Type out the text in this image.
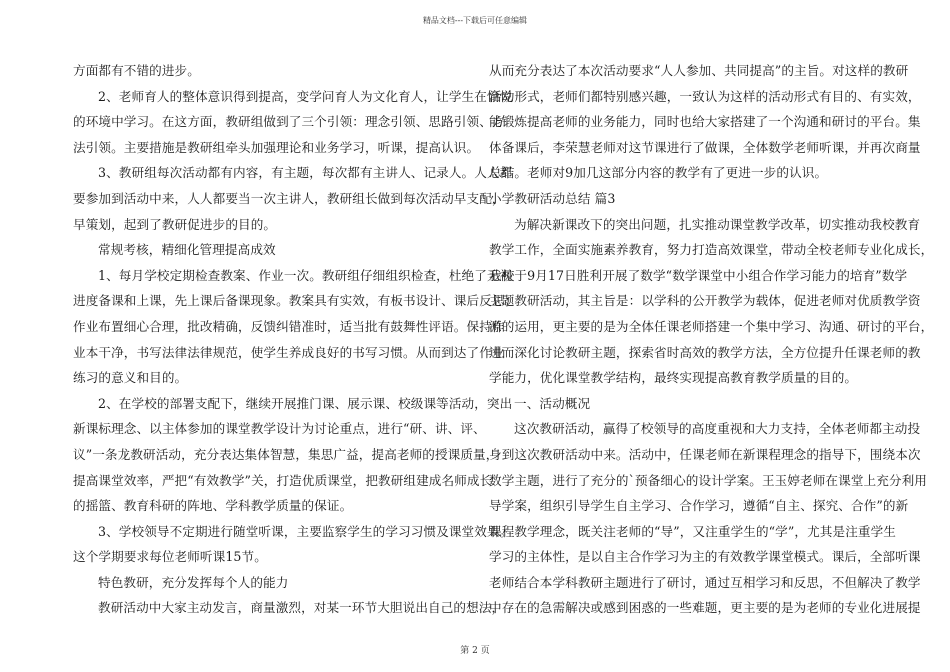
精品文档---下载后可任意编辑
方面都有不错的进步。
2、老师育人的整体意识得到提高，变学问育人为文化育人，让学生在愉悦
的环境中学习。在这方面，教研组做到了三个引领：理念引领、思路引领、方
法引领。主要措施是教研组牵头加强理论和业务学习，听课，提高认识。
3、教研组每次活动都有内容，有主题，每次都有主讲人、记录人。人人都
要参加到活动中来，人人都要当一次主讲人，教研组长做到每次活动早支配，
早策划，起到了教研促进步的目的。
常规考核，精细化管理提高成效
1、每月学校定期检查教案、作业一次。教研组仔细组织检查，杜绝了无视
进度备课和上课，先上课后备课现象。教案具有实效，有板书设计、课后反思；
作业布置细心合理，批改精确，反馈纠错准时，适当批有鼓舞性评语。保持作
业本干净，书写法律法律规范，使学生养成良好的书写习惯。从而到达了作业
练习的意义和目的。
2、在学校的部署支配下，继续开展推门课、展示课、校级课等活动，突出
新课标理念、以主体参加的课堂教学设计为讨论重点，进行“研、讲、评、
议”一条龙教研活动，充分表达集体智慧，集思广益，提高老师的授课质量，
提高课堂效率，严把“有效教学”关，打造优质课堂，把教研组建成名师成长
的摇篮、教育科研的阵地、学科教学质量的保证。
3、学校领导不定期进行随堂听课，主要监察学生的学习习惯及课堂效果。
这个学期要求每位老师听课15节。
特色教研，充分发挥每个人的能力
教研活动中大家主动发言，商量激烈，对某一环节大胆说出自己的想法，
从而充分表达了本次活动要求“人人参加、共同提高”的主旨。对这样的教研
活动形式，老师们都特别感兴趣，一致认为这样的活动形式有目的、有实效，
能锻炼提高老师的业务能力，同时也给大家搭建了一个沟通和研讨的平台。集
体备课后，李荣慧老师对这节课进行了做课，全体数学老师听课，并再次商量
总结。老师对9加几这部分内容的教学有了更进一步的认识。
小学教研活动总结 篇3
为解决新课改下的突出问题，扎实推动课堂教学改革，切实推动我校教育
教学工作，全面实施素养教育，努力打造高效课堂，带动全校老师专业化成长，
我校于9月17日胜利开展了数学“数学课堂中小组合作学习能力的培育”数学
主题教研活动，其主旨是：以学科的公开教学为载体，促进老师对优质教学资
源的运用，更主要的是为全体任课老师搭建一个集中学习、沟通、研讨的平台，
进而深化讨论教研主题，探索省时高效的教学方法，全方位提升任课老师的教
学能力，优化课堂教学结构，最终实现提高教育教学质量的目的。
一、活动概况
这次教研活动，赢得了校领导的高度重视和大力支持，全体老师都主动投
身到这次教研活动中来。活动中，任课老师在新课程理念的指导下，围绕本次
数学主题，进行了充分的`预备细心的设计学案。王玉婷老师在课堂上充分利用
导学案，组织引导学生自主学习、合作学习，遵循“自主、探究、合作”的新
课程教学理念，既关注老师的“导”，又注重学生的“学”，尤其是注重学生
学习的主体性，是以自主合作学习为主的有效教学课堂模式。课后，全部听课
老师结合本学科教研主题进行了研讨，通过互相学习和反思，不但解决了教学
中存在的急需解决或感到困惑的一些难题，更主要的是为老师的专业化进展提
第 2 页
